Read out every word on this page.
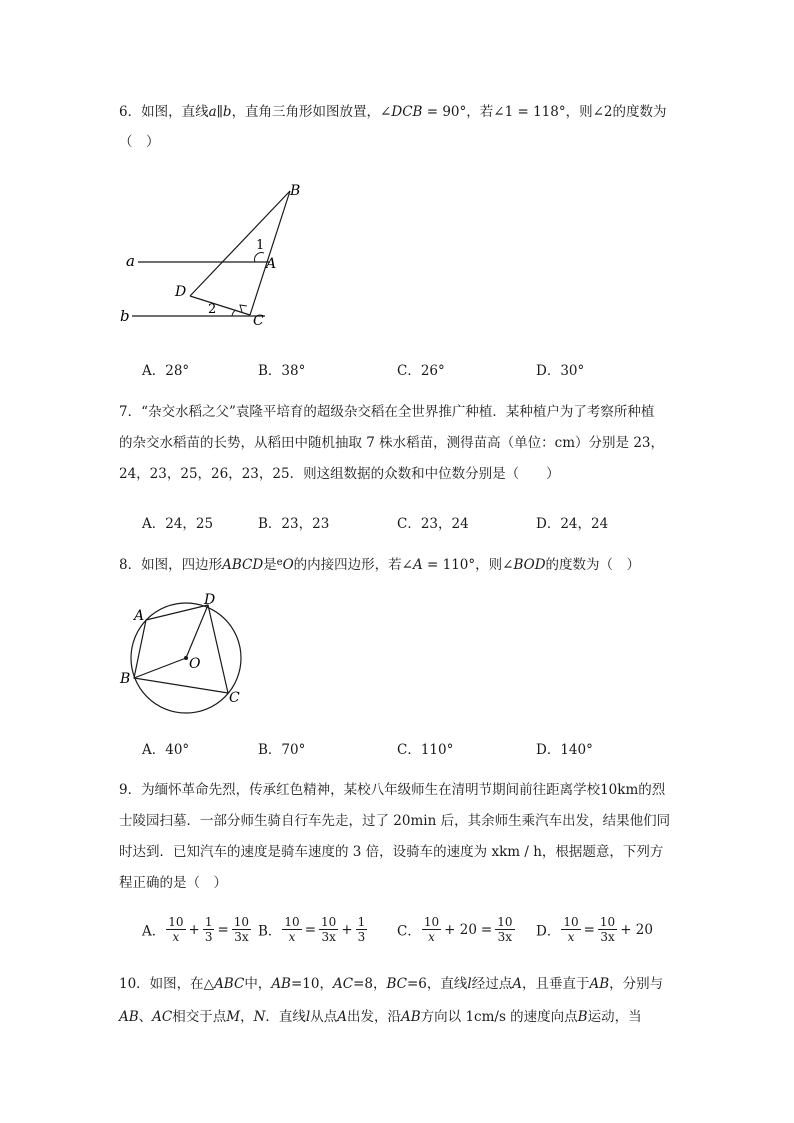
6．如图，直线a∥b，直角三角形如图放置，∠DCB = 90°，若∠1 = 118°，则∠2的度数为
（　）
B
1
a	A
D
2
b	C
A．28°	B．38°	C．26°	D．30°
7．“杂交水稻之父”袁隆平培育的超级杂交稻在全世界推广种植．某种植户为了考察所种植
的杂交水稻苗的长势，从稻田中随机抽取 7 株水稻苗，测得苗高（单位：cm）分别是 23，
24，23，25，26，23，25．则这组数据的众数和中位数分别是（　　）
A．24，25	B．23，23	C．23，24	D．24，24
8．如图，四边形ABCD是$^e$O的内接四边形，若∠A = 110°，则∠BOD的度数为（　）
A
D
O
B
C
A．40°	B．70°	C．110°	D．140°
9．为缅怀革命先烈，传承红色精神，某校八年级师生在清明节期间前往距离学校10km的烈
士陵园扫墓．一部分师生骑自行车先走，过了 20min 后，其余师生乘汽车出发，结果他们同
时达到．已知汽车的速度是骑车速度的 3 倍，设骑车的速度为 xkm / h，根据题意，下列方
程正确的是（　）
A． $\frac{10}{x} + \frac{1}{3} = \frac{10}{3x}$ B． $\frac{10}{x} = \frac{10}{3x} + \frac{1}{3}$ C． $\frac{10}{x} + 20 = \frac{10}{3x}$ D． $\frac{10}{x} = \frac{10}{3x} + 20$
10．如图，在△ABC中，AB=10，AC=8，BC=6，直线l经过点A，且垂直于AB，分别与
AB、AC相交于点M，N．直线l从点A出发，沿AB方向以 1cm/s 的速度向点B运动，当
